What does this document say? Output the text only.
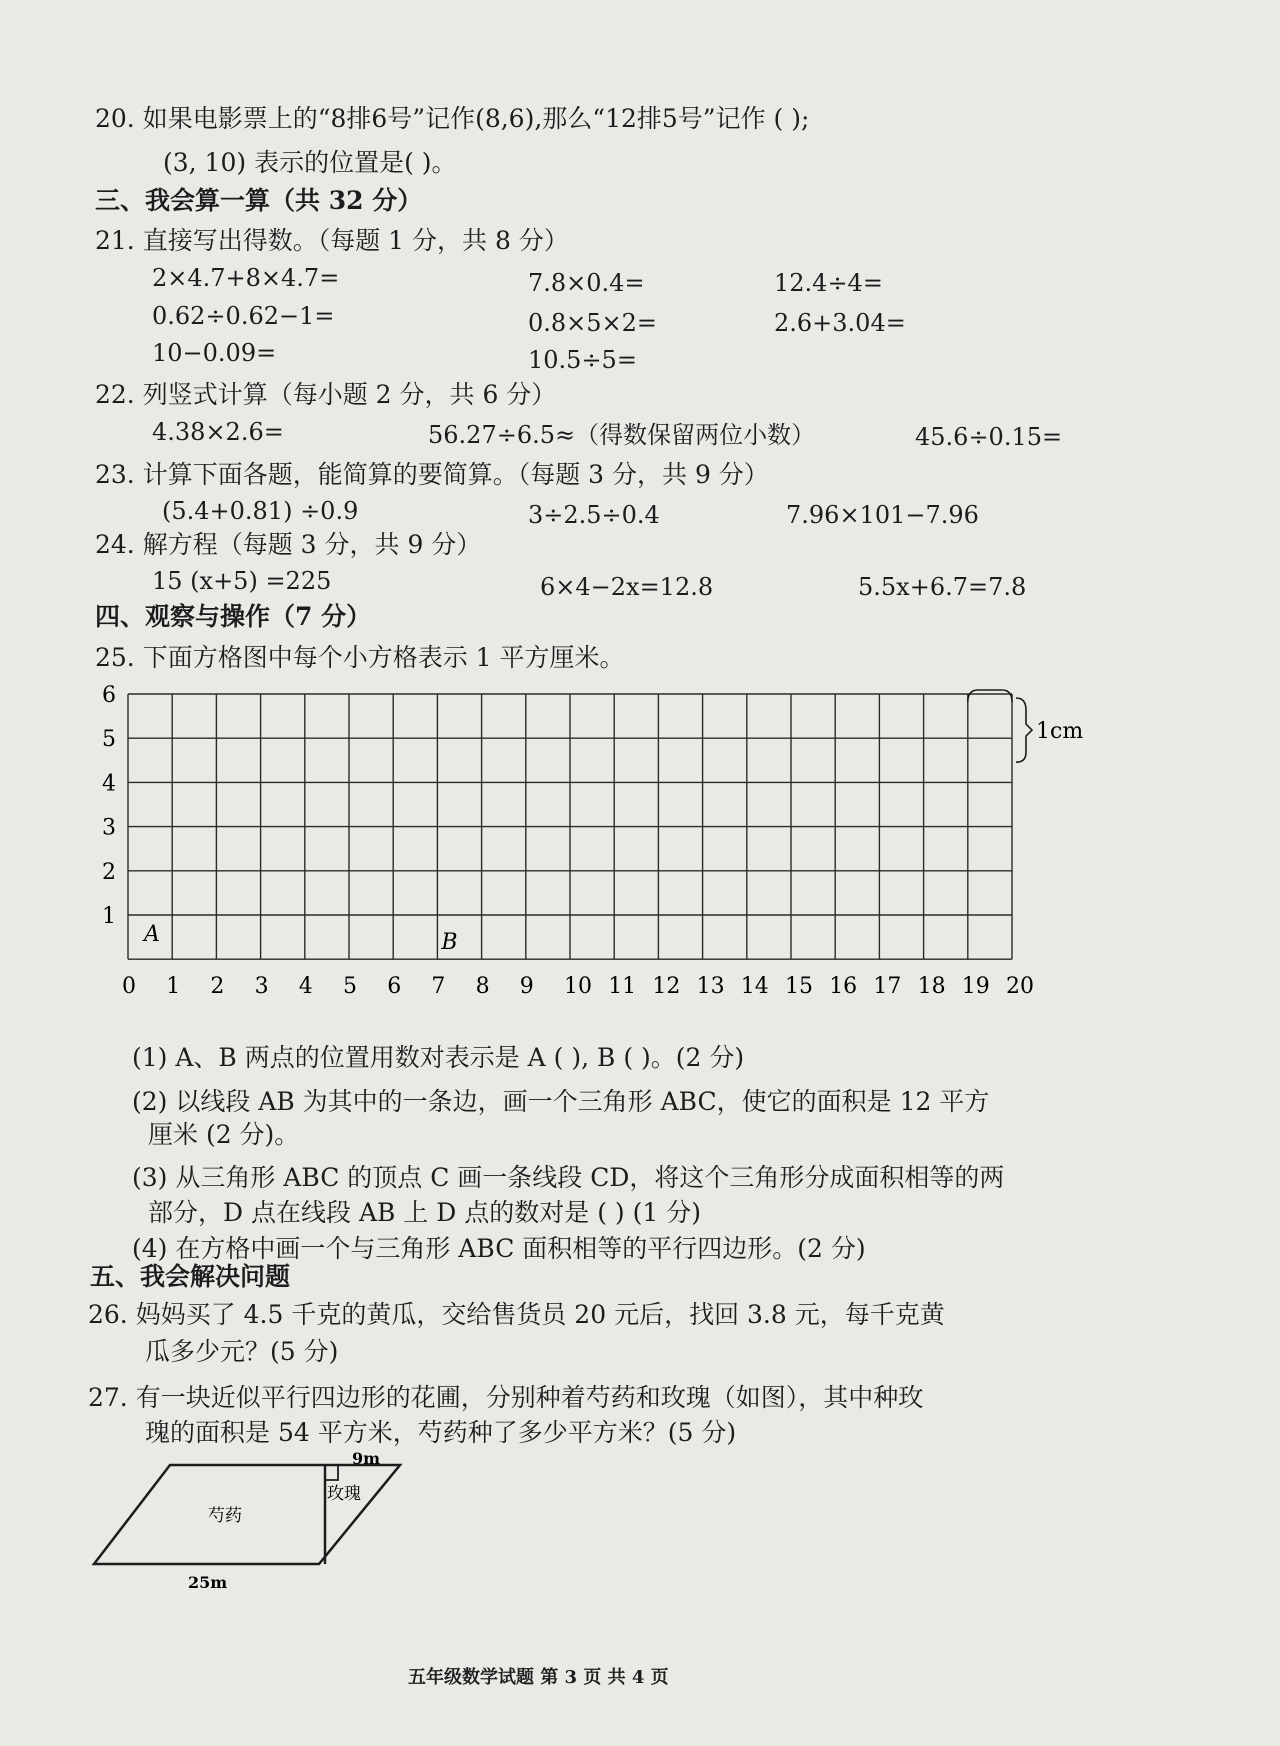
20. 如果电影票上的“8排6号”记作(8,6),那么“12排5号”记作 ( );
(3, 10) 表示的位置是( )。
三、我会算一算（共 32 分）
21. 直接写出得数。（每题 1 分，共 8 分）
2×4.7+8×4.7=	7.8×0.4=	12.4÷4=
0.62÷0.62−1=	0.8×5×2=	2.6+3.04=
10−0.09=	10.5÷5=
22. 列竖式计算（每小题 2 分，共 6 分）
4.38×2.6=	56.27÷6.5≈（得数保留两位小数）	45.6÷0.15=
23. 计算下面各题，能简算的要简算。（每题 3 分，共 9 分）
(5.4+0.81) ÷0.9	3÷2.5÷0.4	7.96×101−7.96
24. 解方程（每题 3 分，共 9 分）
15 (x+5) =225	6×4−2x=12.8	5.5x+6.7=7.8
四、观察与操作（7 分）
25. 下面方格图中每个小方格表示 1 平方厘米。
0 1 2 3 4 5 6 7 8 9 10 11 12 13 14 15 16 17 18 19 20
1
2
3
4
5
6
A	B
1cm
(1) A、B 两点的位置用数对表示是 A ( ), B ( )。(2 分)
(2) 以线段 AB 为其中的一条边，画一个三角形 ABC，使它的面积是 12 平方
厘米 (2 分)。
(3) 从三角形 ABC 的顶点 C 画一条线段 CD，将这个三角形分成面积相等的两
部分，D 点在线段 AB 上 D 点的数对是 ( ) (1 分)
(4) 在方格中画一个与三角形 ABC 面积相等的平行四边形。(2 分)
五、我会解决问题
26. 妈妈买了 4.5 千克的黄瓜，交给售货员 20 元后，找回 3.8 元，每千克黄
瓜多少元？(5 分)
27. 有一块近似平行四边形的花圃，分别种着芍药和玫瑰（如图），其中种玫
瑰的面积是 54 平方米，芍药种了多少平方米？(5 分)
9m
25m
芍药
玫瑰
五年级数学试题 第 3 页 共 4 页
